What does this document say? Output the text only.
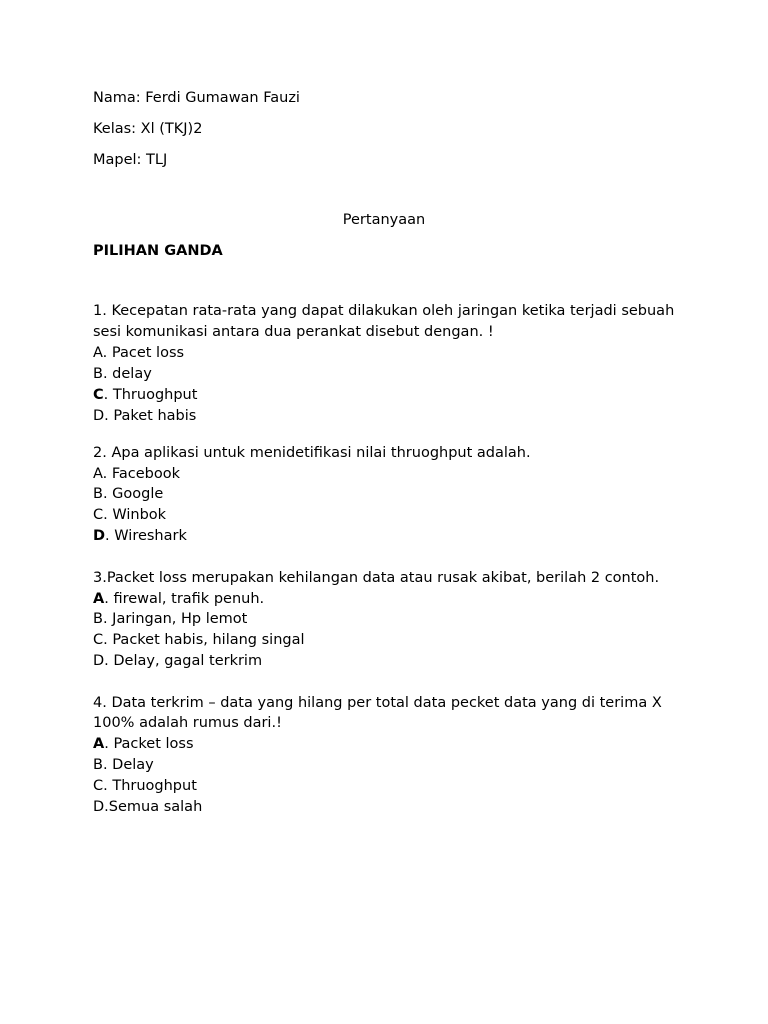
Nama: Ferdi Gumawan Fauzi
Kelas: Xl (TKJ)2
Mapel: TLJ
Pertanyaan
PILIHAN GANDA
1. Kecepatan rata-rata yang dapat dilakukan oleh jaringan ketika terjadi sebuah
sesi komunikasi antara dua perankat disebut dengan. !
A. Pacet loss
B. delay
C. Thruoghput
D. Paket habis
2. Apa aplikasi untuk menidetifikasi nilai thruoghput adalah.
A. Facebook
B. Google
C. Winbok
D. Wireshark
3.Packet loss merupakan kehilangan data atau rusak akibat, berilah 2 contoh.
A. firewal, trafik penuh.
B. Jaringan, Hp lemot
C. Packet habis, hilang singal
D. Delay, gagal terkrim
4. Data terkrim – data yang hilang per total data pecket data yang di terima X
100% adalah rumus dari.!
A. Packet loss
B. Delay
C. Thruoghput
D.Semua salah
